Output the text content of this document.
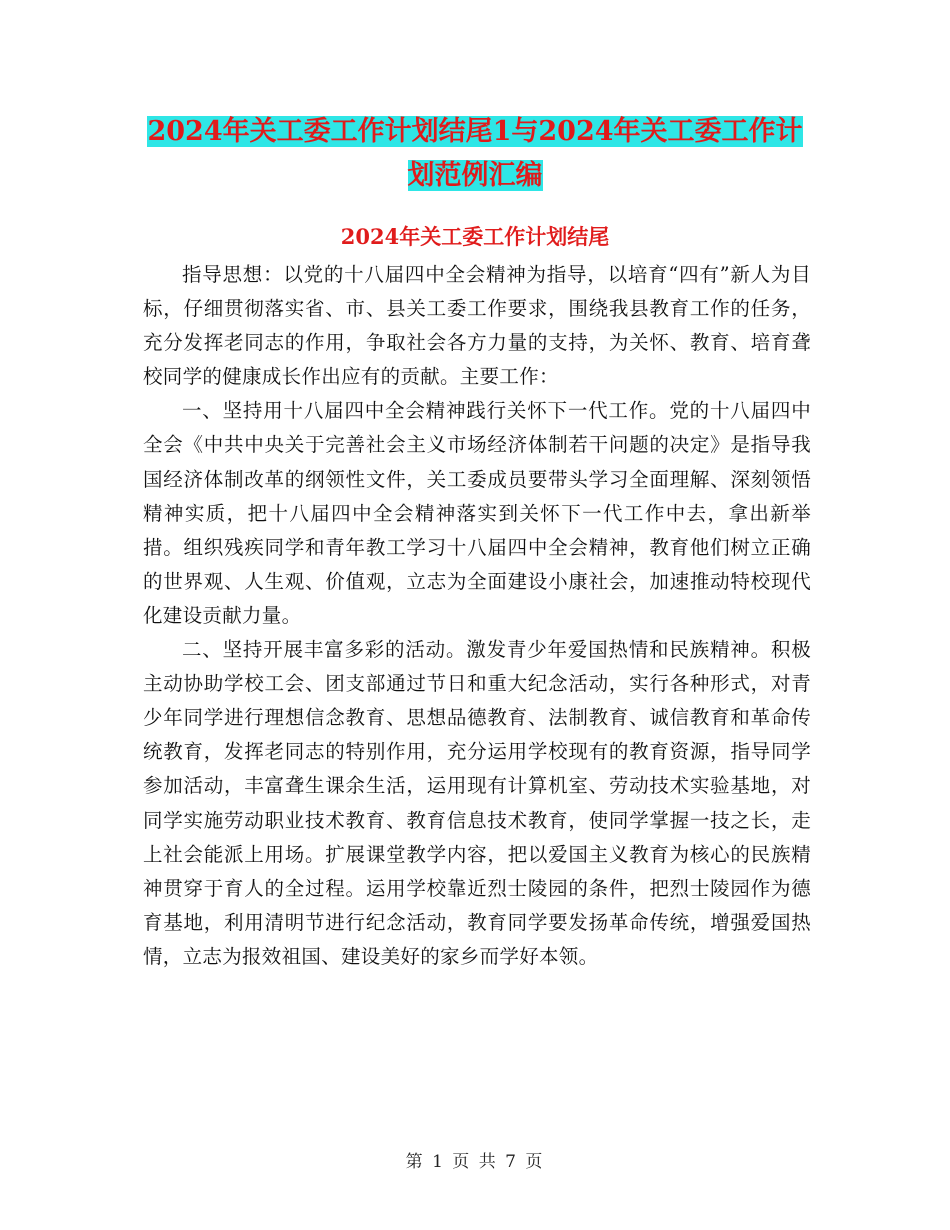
2024年关工委工作计划结尾1与2024年关工委工作计
划范例汇编
2024年关工委工作计划结尾

指导思想：以党的十八届四中全会精神为指导，以培育“四有”新人为目标，仔细贯彻落实省、市、县关工委工作要求，围绕我县教育工作的任务，充分发挥老同志的作用，争取社会各方力量的支持，为关怀、教育、培育聋校同学的健康成长作出应有的贡献。主要工作：

一、坚持用十八届四中全会精神践行关怀下一代工作。党的十八届四中全会《中共中央关于完善社会主义市场经济体制若干问题的决定》是指导我国经济体制改革的纲领性文件，关工委成员要带头学习全面理解、深刻领悟精神实质，把十八届四中全会精神落实到关怀下一代工作中去，拿出新举措。组织残疾同学和青年教工学习十八届四中全会精神，教育他们树立正确的世界观、人生观、价值观，立志为全面建设小康社会，加速推动特校现代化建设贡献力量。

二、坚持开展丰富多彩的活动。激发青少年爱国热情和民族精神。积极主动协助学校工会、团支部通过节日和重大纪念活动，实行各种形式，对青少年同学进行理想信念教育、思想品德教育、法制教育、诚信教育和革命传统教育，发挥老同志的特别作用，充分运用学校现有的教育资源，指导同学参加活动，丰富聋生课余生活，运用现有计算机室、劳动技术实验基地，对同学实施劳动职业技术教育、教育信息技术教育，使同学掌握一技之长，走上社会能派上用场。扩展课堂教学内容，把以爱国主义教育为核心的民族精神贯穿于育人的全过程。运用学校靠近烈士陵园的条件，把烈士陵园作为德育基地，利用清明节进行纪念活动，教育同学要发扬革命传统，增强爱国热情，立志为报效祖国、建设美好的家乡而学好本领。

第 1 页 共 7 页
